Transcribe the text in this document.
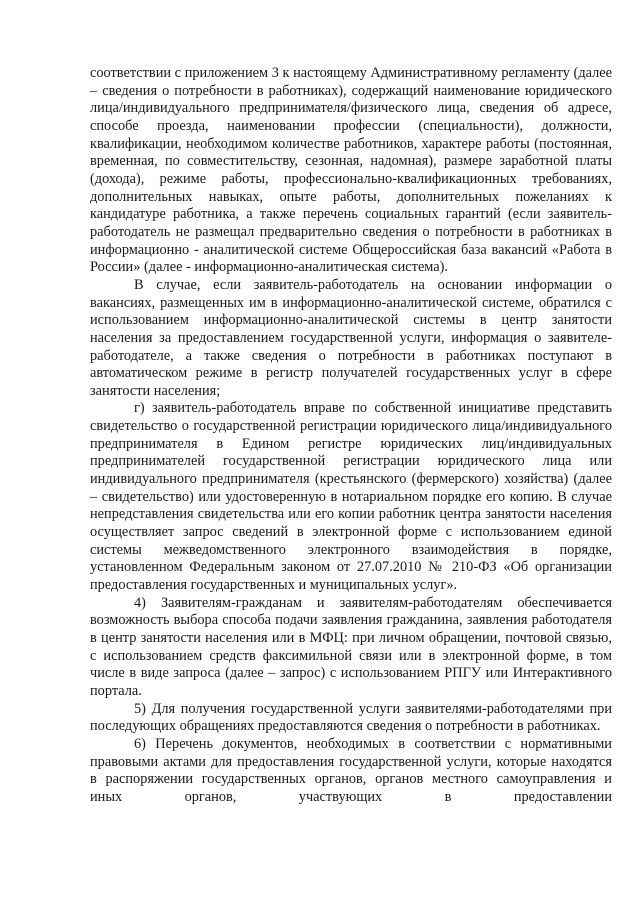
соответствии с приложением 3 к настоящему Административному регламенту (далее – сведения о потребности в работниках), содержащий наименование юридического лица/индивидуального предпринимателя/физического лица, сведения об адресе, способе проезда, наименовании профессии (специальности), должности, квалификации, необходимом количестве работников, характере работы (постоянная, временная, по совместительству, сезонная, надомная), размере заработной платы (дохода), режиме работы, профессионально-квалификационных требованиях, дополнительных навыках, опыте работы, дополнительных пожеланиях к кандидатуре работника, а также перечень социальных гарантий (если заявитель-работодатель не размещал предварительно сведения о потребности в работниках в информационно - аналитической системе Общероссийская база вакансий «Работа в России» (далее - информационно-аналитическая система).

В случае, если заявитель-работодатель на основании информации о вакансиях, размещенных им в информационно-аналитической системе, обратился с использованием информационно-аналитической системы в центр занятости населения за предоставлением государственной услуги, информация о заявителе-работодателе, а также сведения о потребности в работниках поступают в автоматическом режиме в регистр получателей государственных услуг в сфере занятости населения;

г) заявитель-работодатель вправе по собственной инициативе представить свидетельство о государственной регистрации юридического лица/индивидуального предпринимателя в Едином регистре юридических лиц/индивидуальных предпринимателей государственной регистрации юридического лица или индивидуального предпринимателя (крестьянского (фермерского) хозяйства) (далее – свидетельство) или удостоверенную в нотариальном порядке его копию. В случае непредставления свидетельства или его копии работник центра занятости населения осуществляет запрос сведений в электронной форме с использованием единой системы межведомственного электронного взаимодействия в порядке, установленном Федеральным законом от 27.07.2010 № 210-ФЗ «Об организации предоставления государственных и муниципальных услуг».

4) Заявителям-гражданам и заявителям-работодателям обеспечивается возможность выбора способа подачи заявления гражданина, заявления работодателя в центр занятости населения или в МФЦ: при личном обращении, почтовой связью, с использованием средств факсимильной связи или в электронной форме, в том числе в виде запроса (далее – запрос) с использованием РПГУ или Интерактивного портала.

5) Для получения государственной услуги заявителями-работодателями при последующих обращениях предоставляются сведения о потребности в работниках.

6) Перечень документов, необходимых в соответствии с нормативными правовыми актами для предоставления государственной услуги, которые находятся в распоряжении государственных органов, органов местного самоуправления и иных органов, участвующих в предоставлении
